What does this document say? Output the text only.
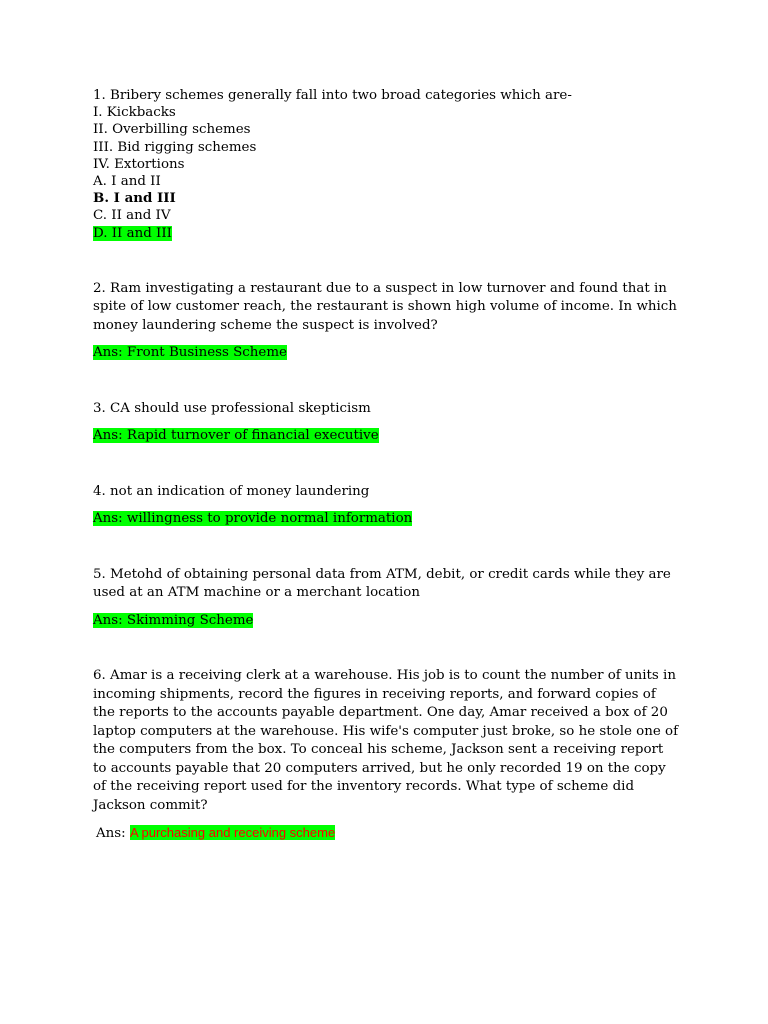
1. Bribery schemes generally fall into two broad categories which are-
I. Kickbacks
II. Overbilling schemes
III. Bid rigging schemes
IV. Extortions
A. I and II
B. I and III
C. II and IV
D. II and III
2. Ram investigating a restaurant due to a suspect in low turnover and found that in spite of low customer reach, the restaurant is shown high volume of income. In which money laundering scheme the suspect is involved?
Ans: Front Business Scheme
3. CA should use professional skepticism
Ans: Rapid turnover of financial executive
4. not an indication of money laundering
Ans: willingness to provide normal information
5. Metohd of obtaining personal data from ATM, debit, or credit cards while they are used at an ATM machine or a merchant location
Ans: Skimming Scheme
6. Amar is a receiving clerk at a warehouse. His job is to count the number of units in incoming shipments, record the figures in receiving reports, and forward copies of the reports to the accounts payable department. One day, Amar received a box of 20 laptop computers at the warehouse. His wife's computer just broke, so he stole one of the computers from the box. To conceal his scheme, Jackson sent a receiving report to accounts payable that 20 computers arrived, but he only recorded 19 on the copy of the receiving report used for the inventory records. What type of scheme did Jackson commit?
Ans: A purchasing and receiving scheme
